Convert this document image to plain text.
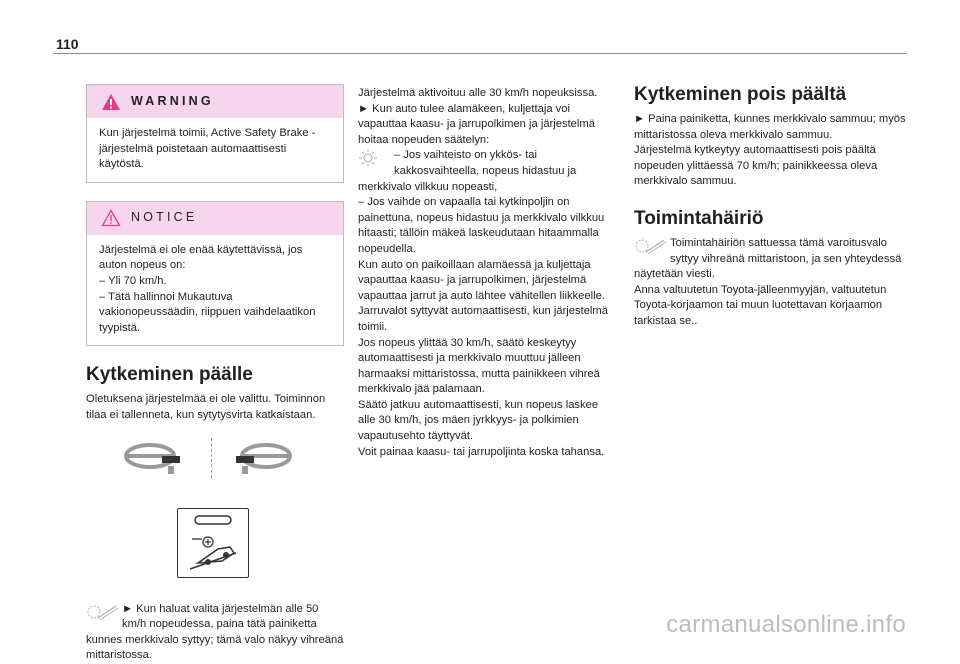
110
WARNING

Kun järjestelmä toimii, Active Safety Brake -järjestelmä poistetaan automaattisesti käytöstä.

NOTICE

Järjestelmä ei ole enää käytettävissä, jos auton nopeus on:

– Yli 70 km/h.

– Tätä hallinnoi Mukautuva vakionopeussäädin, riippuen vaihdelaatikon tyypistä.

Kytkeminen päälle

Oletuksena järjestelmää ei ole valittu. Toiminnon tilaa ei tallenneta, kun sytytysvirta katkaistaan.

► Kun haluat valita järjestelmän alle 50 km/h nopeudessa, paina tätä painiketta kunnes merkkivalo syttyy; tämä valo näkyy vihreänä mittaristossa.
Järjestelmä aktivoituu alle 30 km/h nopeuksissa.
► Kun auto tulee alamäkeen, kuljettaja voi vapauttaa kaasu- ja jarrupolkimen ja järjestelmä hoitaa nopeuden säätelyn:
– Jos vaihteisto on ykkös- tai kakkosvaihteella, nopeus hidastuu ja merkkivalo vilkkuu nopeasti,
– Jos vaihde on vapaalla tai kytkinpoljin on painettuna, nopeus hidastuu ja merkkivalo vilkkuu hitaasti; tällöin mäkeä laskeudutaan hitaammalla nopeudella.
Kun auto on paikoillaan alamäessä ja kuljettaja vapauttaa kaasu- ja jarrupolkimen, järjestelmä vapauttaa jarrut ja auto lähtee vähitellen liikkeelle.
Jarruvalot syttyvät automaattisesti, kun järjestelmä toimii.
Jos nopeus ylittää 30 km/h, säätö keskeytyy automaattisesti ja merkkivalo muuttuu jälleen harmaaksi mittaristossa, mutta painikkeen vihreä merkkivalo jää palamaan.
Säätö jatkuu automaattisesti, kun nopeus laskee alle 30 km/h, jos mäen jyrkkyys- ja polkimien vapautusehto täyttyvät.
Voit painaa kaasu- tai jarrupoljinta koska tahansa.
Kytkeminen pois päältä
► Paina painiketta, kunnes merkkivalo sammuu; myös mittaristossa oleva merkkivalo sammuu.
Järjestelmä kytkeytyy automaattisesti pois päältä nopeuden ylittäessä 70 km/h; painikkeessa oleva merkkivalo sammuu.
Toimintahäiriö
Toimintahäiriön sattuessa tämä varoitusvalo syttyy vihreänä mittaristoon, ja sen yhteydessä näytetään viesti.
Anna valtuutetun Toyota-jälleenmyyjän, valtuutetun Toyota-korjaamon tai muun luotettavan korjaamon tarkistaa se..
carmanualsonline.info
